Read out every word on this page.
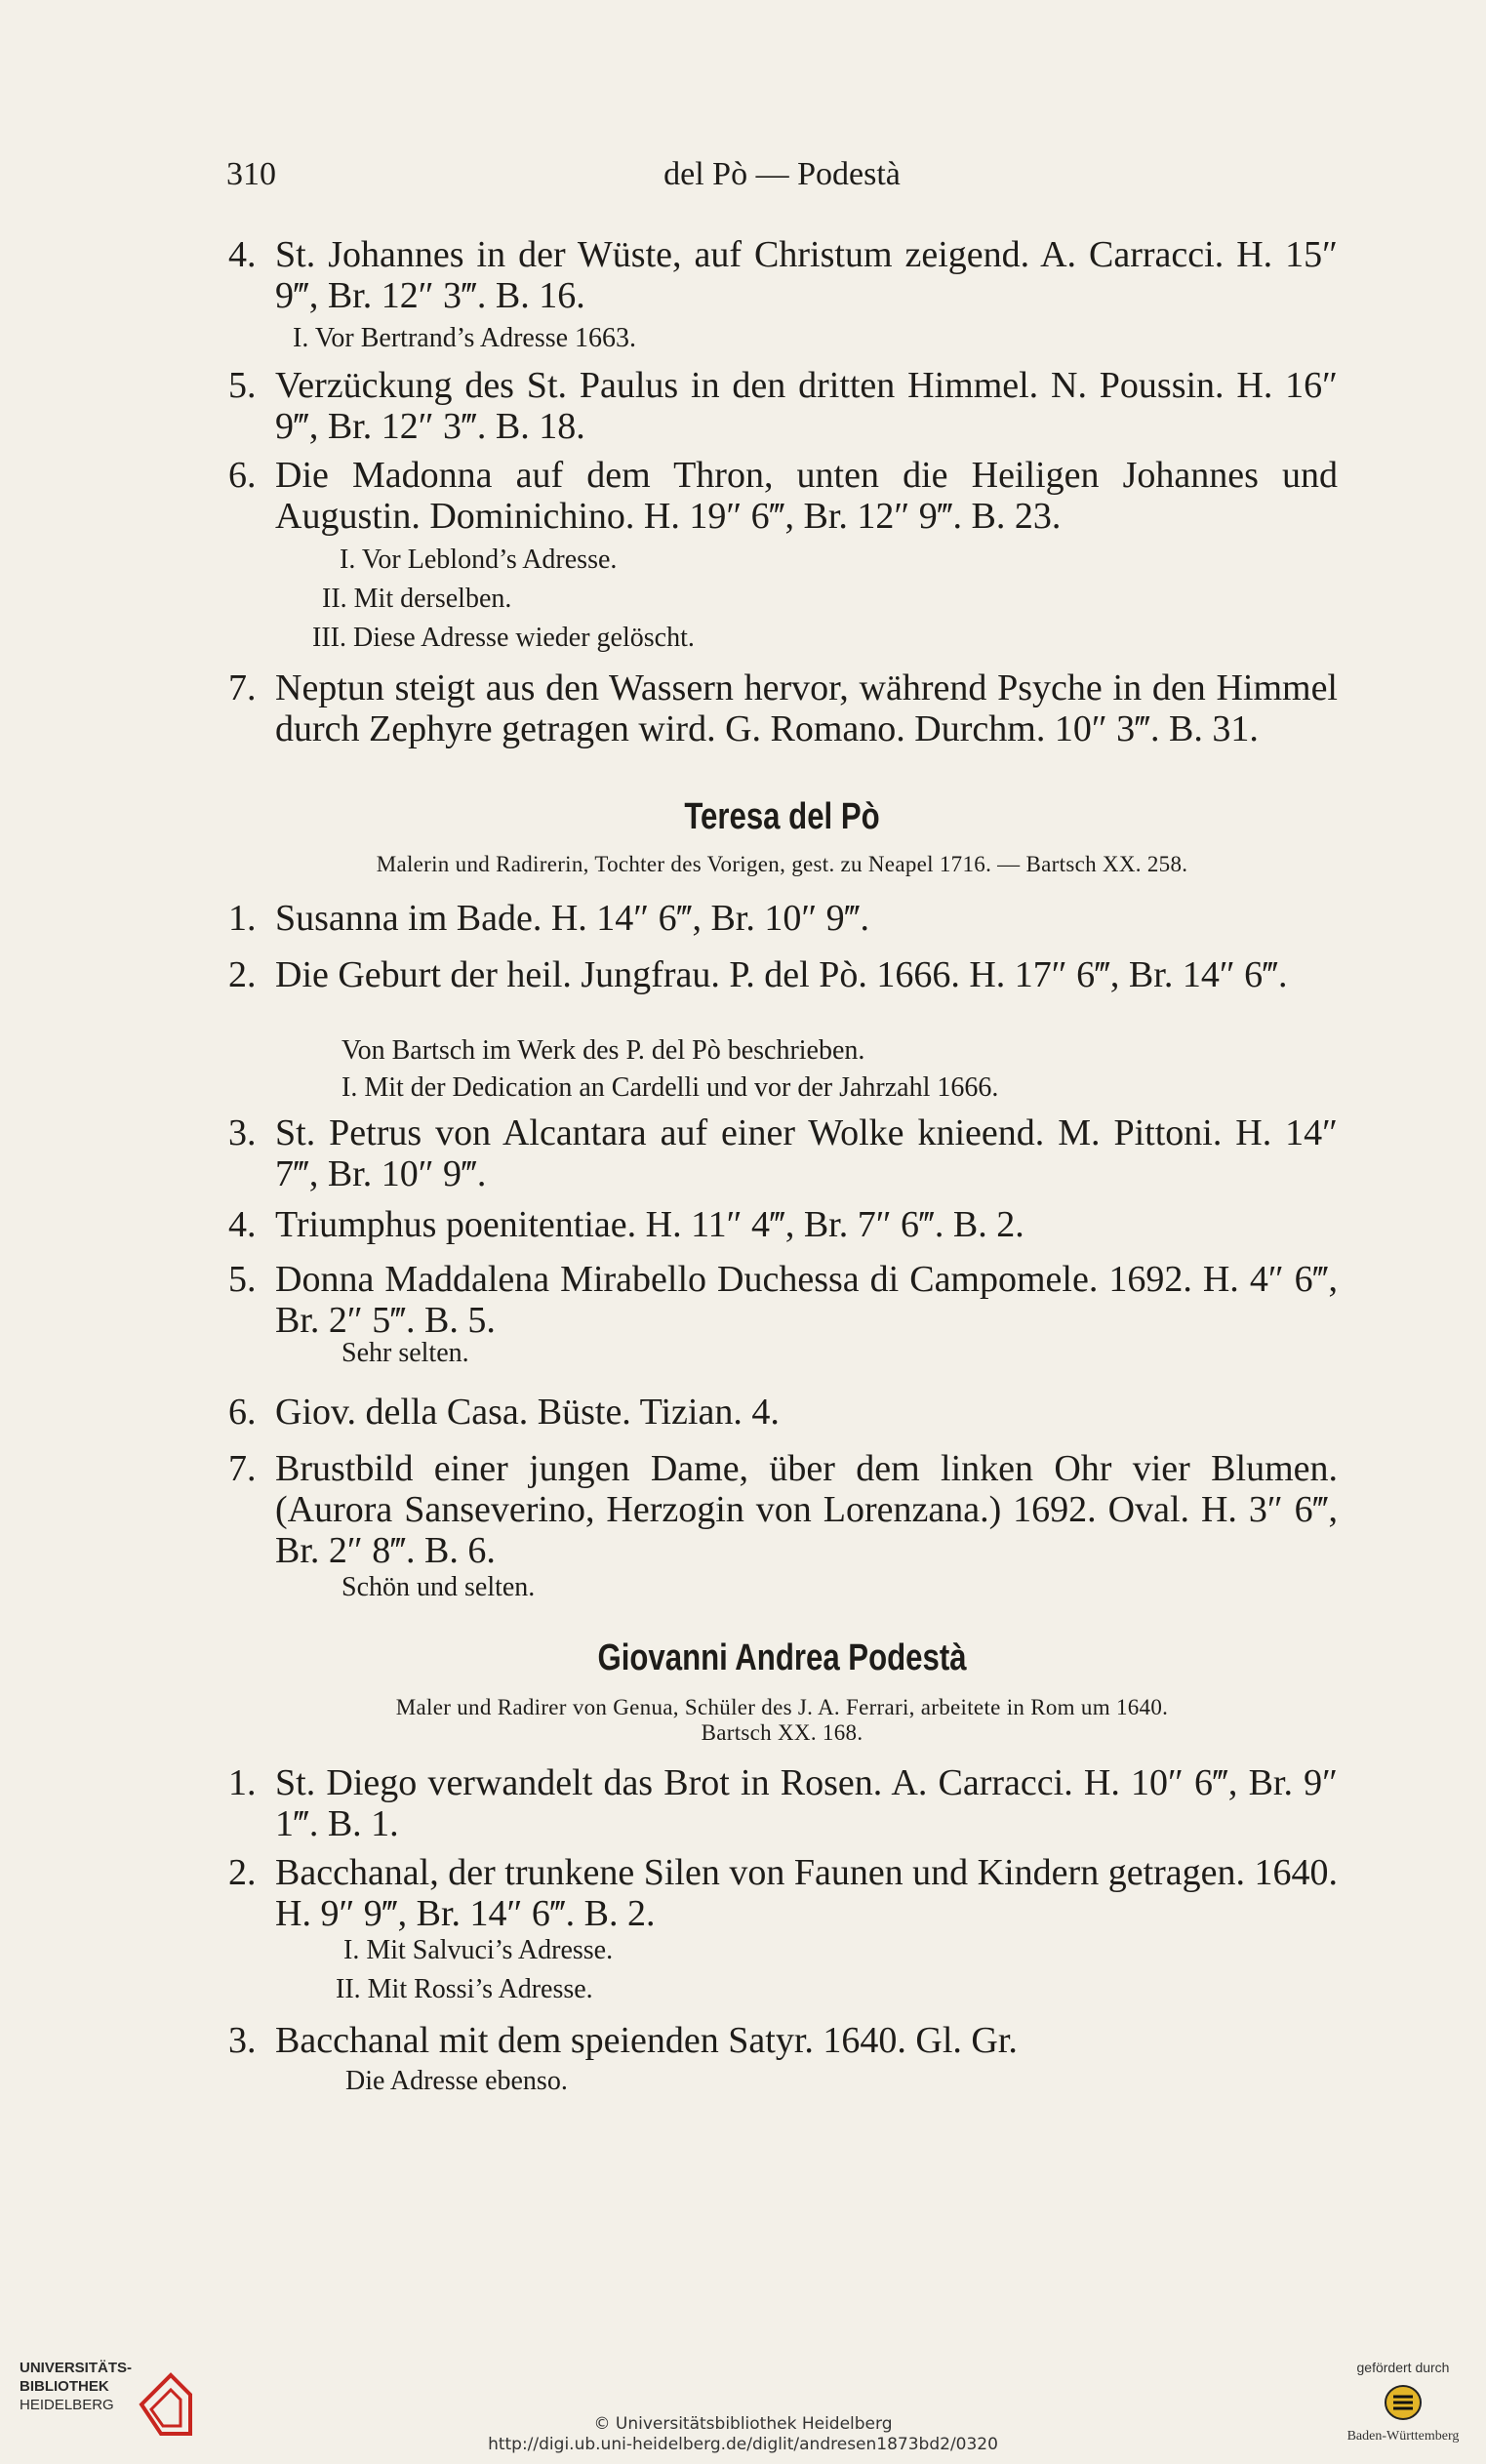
310	del Pò — Podestà
4. St. Johannes in der Wüste, auf Christum zeigend. A. Carracci. H. 15″ 9‴, Br. 12″ 3‴. B. 16.
I. Vor Bertrand’s Adresse 1663.
5. Verzückung des St. Paulus in den dritten Himmel. N. Poussin. H. 16″ 9‴, Br. 12″ 3‴. B. 18.
6. Die Madonna auf dem Thron, unten die Heiligen Johannes und Augustin. Dominichino. H. 19″ 6‴, Br. 12″ 9‴. B. 23.
I. Vor Leblond’s Adresse.
II. Mit derselben.
III. Diese Adresse wieder gelöscht.
7. Neptun steigt aus den Wassern hervor, während Psyche in den Himmel durch Zephyre getragen wird. G. Romano. Durchm. 10″ 3‴. B. 31.
Teresa del Pò
Malerin und Radirerin, Tochter des Vorigen, gest. zu Neapel 1716. — Bartsch XX. 258.
1. Susanna im Bade. H. 14″ 6‴, Br. 10″ 9‴.
2. Die Geburt der heil. Jungfrau. P. del Pò. 1666. H. 17″ 6‴, Br. 14″ 6‴.
Von Bartsch im Werk des P. del Pò beschrieben.
I. Mit der Dedication an Cardelli und vor der Jahrzahl 1666.
3. St. Petrus von Alcantara auf einer Wolke knieend. M. Pittoni. H. 14″ 7‴, Br. 10″ 9‴.
4. Triumphus poenitentiae. H. 11″ 4‴, Br. 7″ 6‴. B. 2.
5. Donna Maddalena Mirabello Duchessa di Campomele. 1692. H. 4″ 6‴, Br. 2″ 5‴. B. 5.
Sehr selten.
6. Giov. della Casa. Büste. Tizian. 4.
7. Brustbild einer jungen Dame, über dem linken Ohr vier Blumen. (Aurora Sanseverino, Herzogin von Lorenzana.) 1692. Oval. H. 3″ 6‴, Br. 2″ 8‴. B. 6.
Schön und selten.
Giovanni Andrea Podestà
Maler und Radirer von Genua, Schüler des J. A. Ferrari, arbeitete in Rom um 1640.
Bartsch XX. 168.
1. St. Diego verwandelt das Brot in Rosen. A. Carracci. H. 10″ 6‴, Br. 9″ 1‴. B. 1.
2. Bacchanal, der trunkene Silen von Faunen und Kindern getragen. 1640. H. 9″ 9‴, Br. 14″ 6‴. B. 2.
I. Mit Salvuci’s Adresse.
II. Mit Rossi’s Adresse.
3. Bacchanal mit dem speienden Satyr. 1640. Gl. Gr.
Die Adresse ebenso.
UNIVERSITÄTS-
BIBLIOTHEK
HEIDELBERG
© Universitätsbibliothek Heidelberg
http://digi.ub.uni-heidelberg.de/diglit/andresen1873bd2/0320
gefördert durch
Baden-Württemberg
